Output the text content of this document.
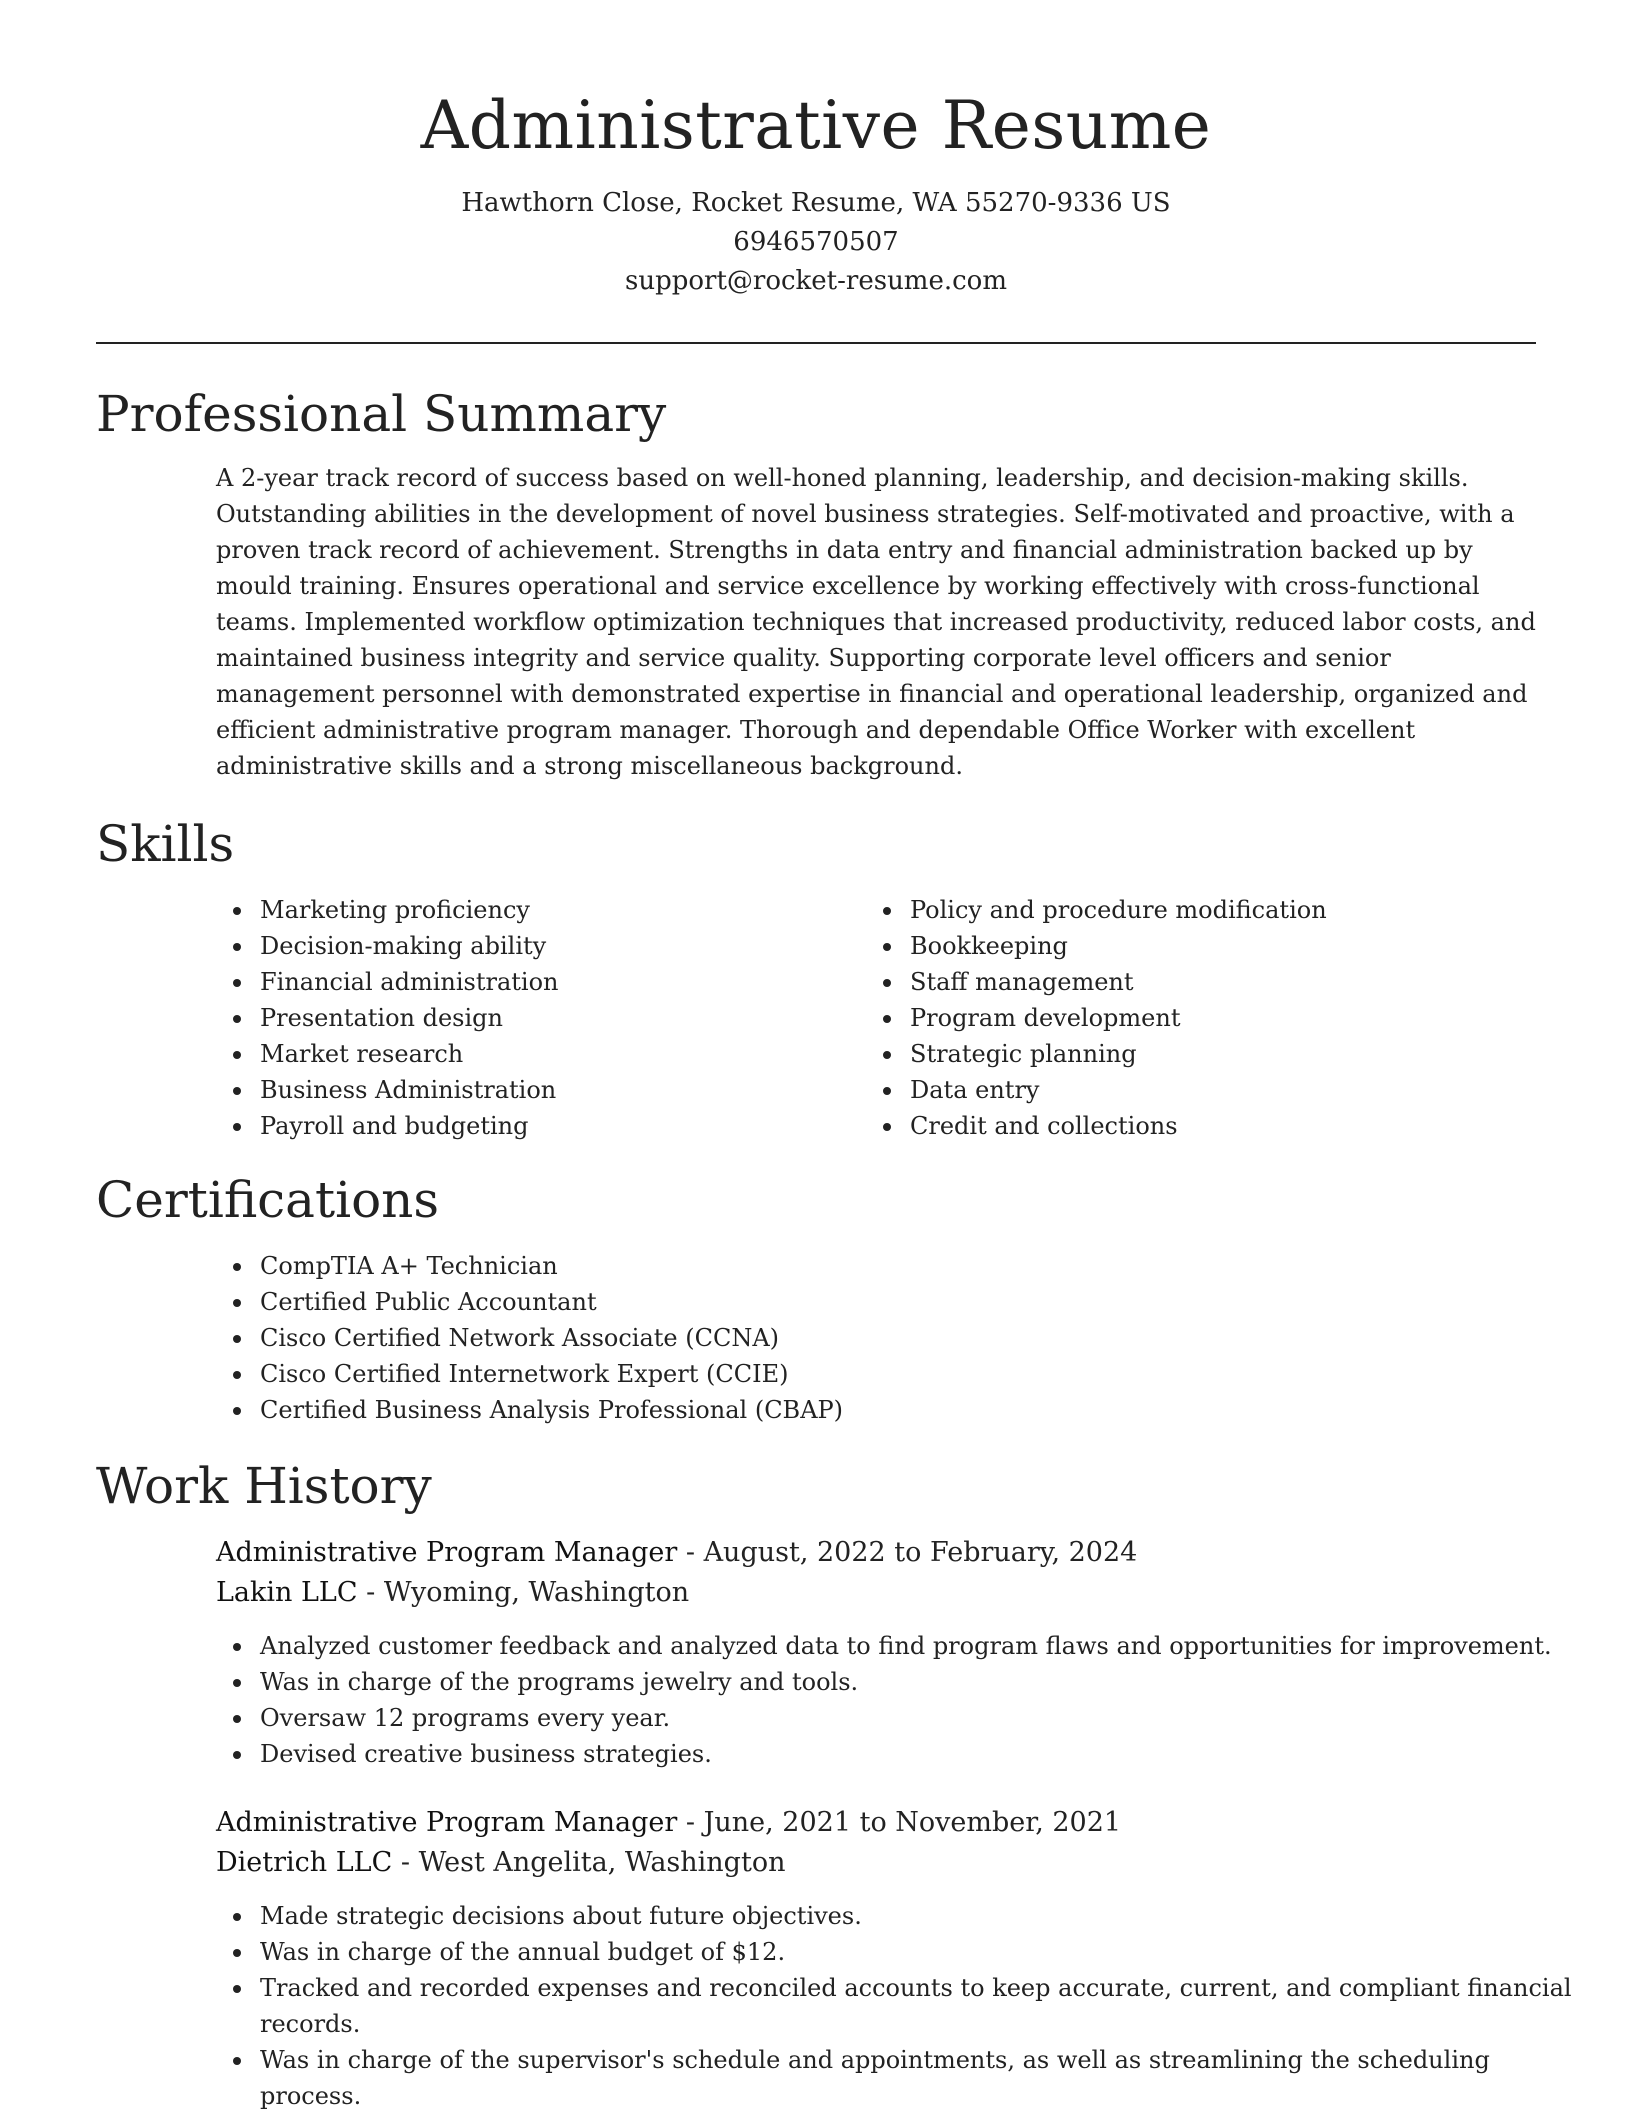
Administrative Resume

Hawthorn Close, Rocket Resume, WA 55270-9336 US

6946570507

support@rocket-resume.com

Professional Summary

A 2-year track record of success based on well-honed planning, leadership, and decision-making skills. Outstanding abilities in the development of novel business strategies. Self-motivated and proactive, with a proven track record of achievement. Strengths in data entry and financial administration backed up by mould training. Ensures operational and service excellence by working effectively with cross-functional teams. Implemented workflow optimization techniques that increased productivity, reduced labor costs, and maintained business integrity and service quality. Supporting corporate level officers and senior management personnel with demonstrated expertise in financial and operational leadership, organized and efficient administrative program manager. Thorough and dependable Office Worker with excellent administrative skills and a strong miscellaneous background.

Skills
Marketing proficiency
Decision-making ability
Financial administration
Presentation design
Market research
Business Administration
Payroll and budgeting
Policy and procedure modification
Bookkeeping
Staff management
Program development
Strategic planning
Data entry
Credit and collections
Certifications
CompTIA A+ Technician
Certified Public Accountant
Cisco Certified Network Associate (CCNA)
Cisco Certified Internetwork Expert (CCIE)
Certified Business Analysis Professional (CBAP)
Work History
Administrative Program Manager - August, 2022 to February, 2024
Lakin LLC - Wyoming, Washington
Analyzed customer feedback and analyzed data to find program flaws and opportunities for improvement.
Was in charge of the programs jewelry and tools.
Oversaw 12 programs every year.
Devised creative business strategies.
Administrative Program Manager - June, 2021 to November, 2021
Dietrich LLC - West Angelita, Washington
Made strategic decisions about future objectives.
Was in charge of the annual budget of $12.
Tracked and recorded expenses and reconciled accounts to keep accurate, current, and compliant financial records.
Was in charge of the supervisor's schedule and appointments, as well as streamlining the scheduling process.
